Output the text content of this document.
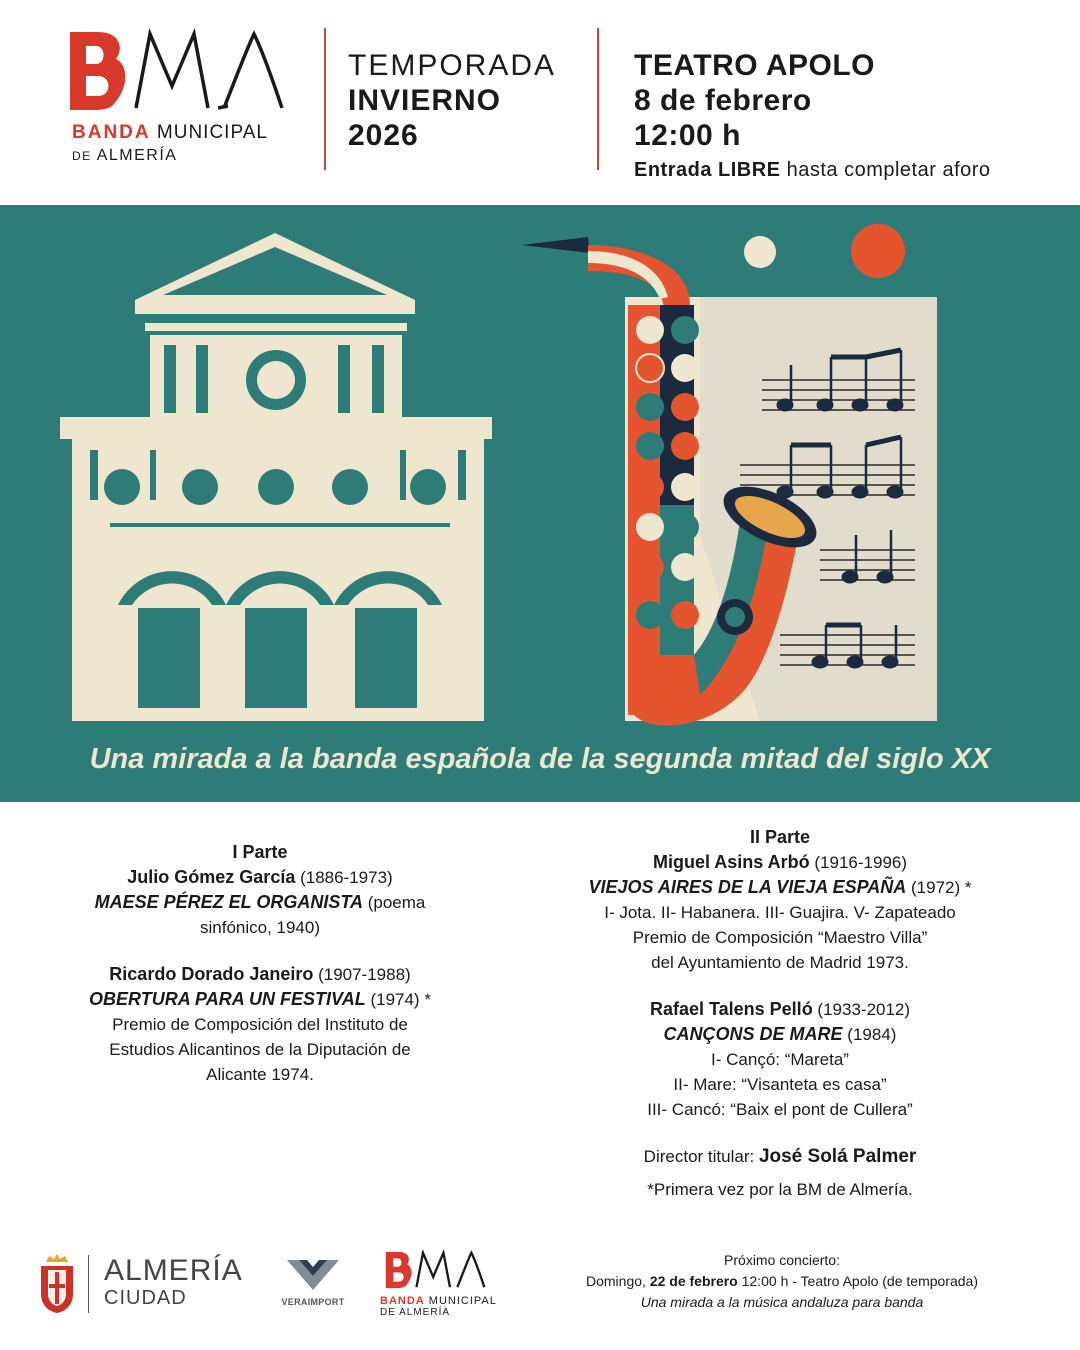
BANDA MUNICIPAL
DE ALMERÍA
TEMPORADA
INVIERNO
2026
TEATRO APOLO
8 de febrero
12:00 h
Entrada LIBRE hasta completar aforo
Una mirada a la banda española de la segunda mitad del siglo XX
I Parte
Julio Gómez García (1886-1973)
MAESE PÉREZ EL ORGANISTA (poema
sinfónico, 1940)
Ricardo Dorado Janeiro (1907-1988)
OBERTURA PARA UN FESTIVAL (1974) *
Premio de Composición del Instituto de
Estudios Alicantinos de la Diputación de
Alicante 1974.
II Parte
Miguel Asins Arbó (1916-1996)
VIEJOS AIRES DE LA VIEJA ESPAÑA (1972) *
I- Jota. II- Habanera. III- Guajira. V- Zapateado
Premio de Composición “Maestro Villa”
del Ayuntamiento de Madrid 1973.
Rafael Talens Pelló (1933-2012)
CANÇONS DE MARE (1984)
I- Cançó: “Mareta”
II- Mare: “Visanteta es casa”
III- Cancó: “Baix el pont de Cullera”
Director titular: José Solá Palmer
*Primera vez por la BM de Almería.
ALMERÍA
CIUDAD	VERAIMPORT	BANDA MUNICIPAL
DE ALMERÍA
Próximo concierto:
Domingo, 22 de febrero 12:00 h - Teatro Apolo (de temporada)
Una mirada a la música andaluza para banda
